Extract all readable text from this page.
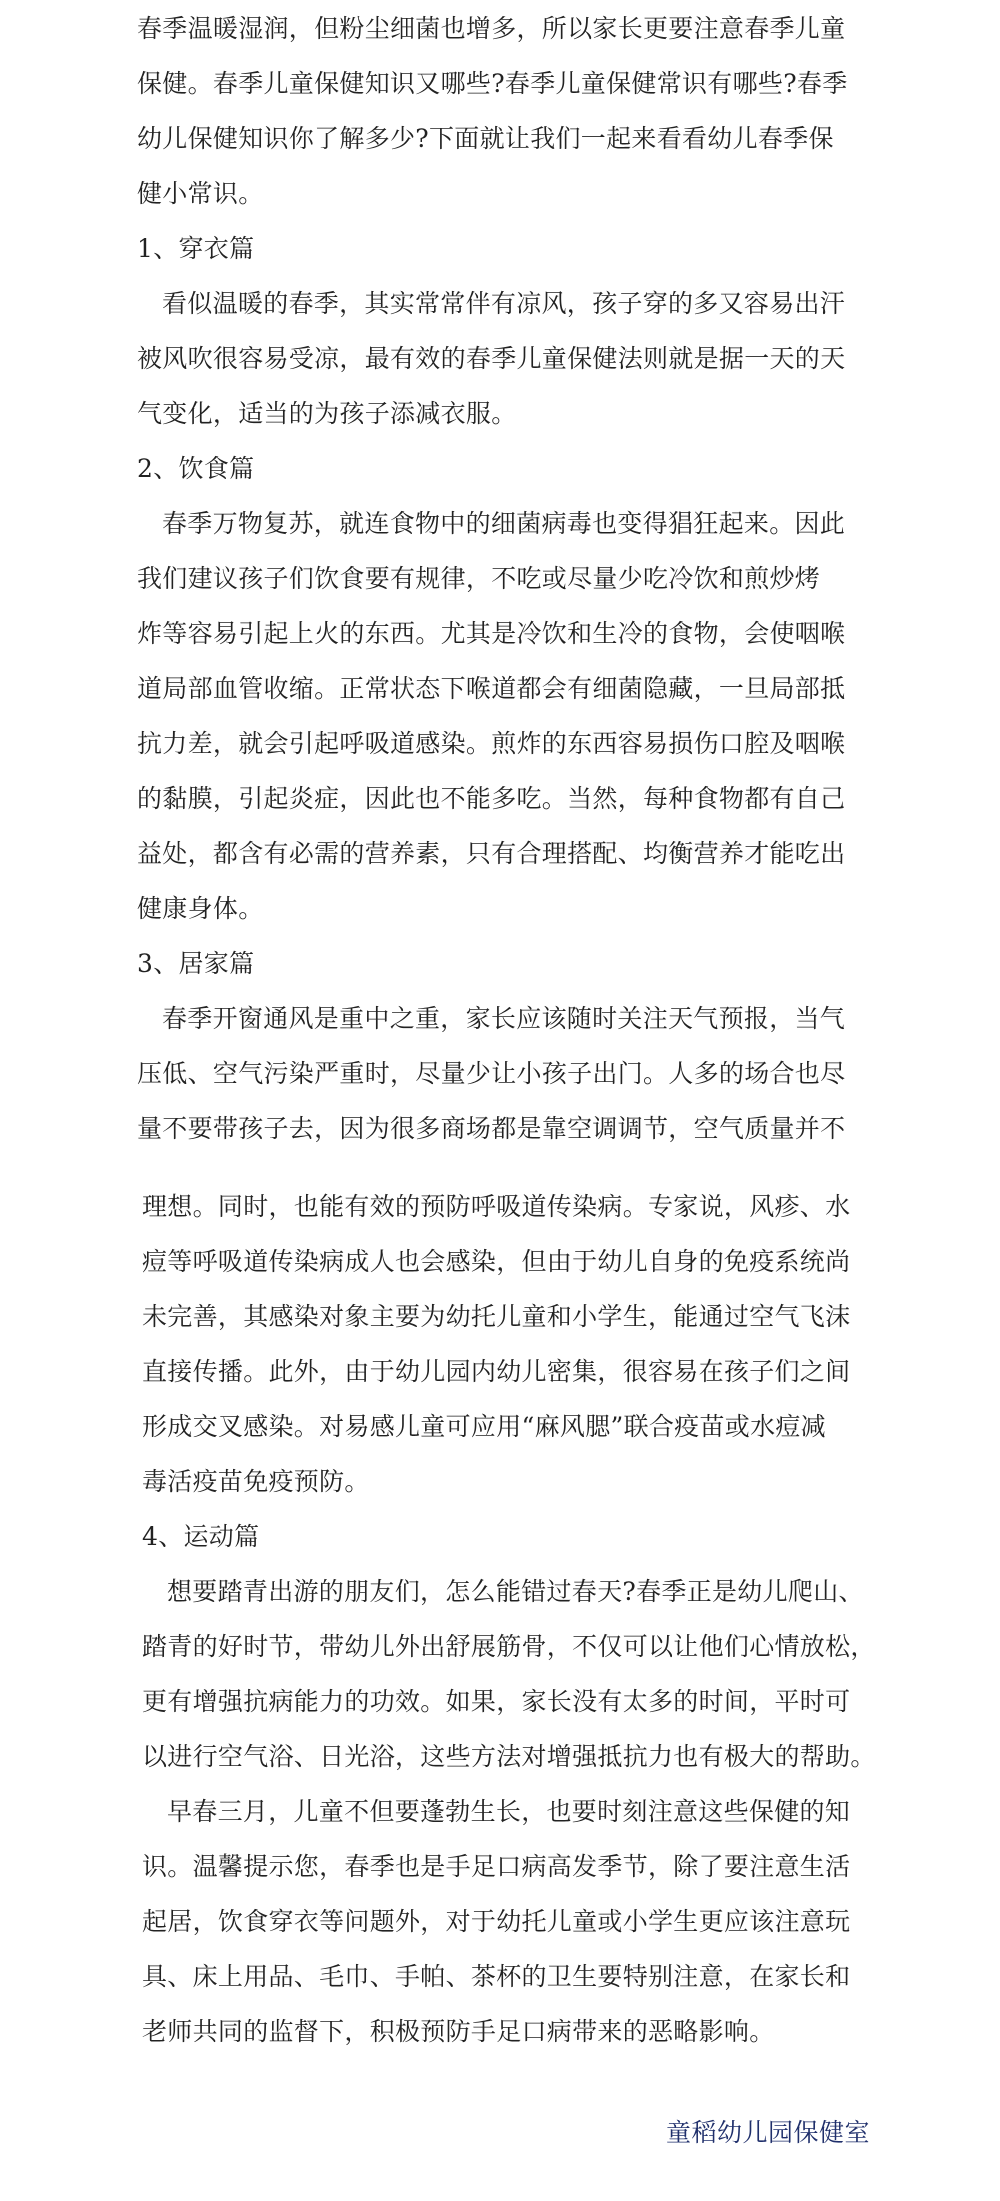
春季温暖湿润，但粉尘细菌也增多，所以家长更要注意春季儿童
保健。春季儿童保健知识又哪些?春季儿童保健常识有哪些?春季
幼儿保健知识你了解多少?下面就让我们一起来看看幼儿春季保
健小常识。
1、穿衣篇
看似温暖的春季，其实常常伴有凉风，孩子穿的多又容易出汗
被风吹很容易受凉，最有效的春季儿童保健法则就是据一天的天
气变化，适当的为孩子添减衣服。
2、饮食篇
春季万物复苏，就连食物中的细菌病毒也变得猖狂起来。因此
我们建议孩子们饮食要有规律，不吃或尽量少吃冷饮和煎炒烤
炸等容易引起上火的东西。尤其是冷饮和生冷的食物，会使咽喉
道局部血管收缩。正常状态下喉道都会有细菌隐藏，一旦局部抵
抗力差，就会引起呼吸道感染。煎炸的东西容易损伤口腔及咽喉
的黏膜，引起炎症，因此也不能多吃。当然，每种食物都有自己
益处，都含有必需的营养素，只有合理搭配、均衡营养才能吃出
健康身体。
3、居家篇
春季开窗通风是重中之重，家长应该随时关注天气预报，当气
压低、空气污染严重时，尽量少让小孩子出门。人多的场合也尽
量不要带孩子去，因为很多商场都是靠空调调节，空气质量并不
理想。同时，也能有效的预防呼吸道传染病。专家说，风疹、水
痘等呼吸道传染病成人也会感染，但由于幼儿自身的免疫系统尚
未完善，其感染对象主要为幼托儿童和小学生，能通过空气飞沫
直接传播。此外，由于幼儿园内幼儿密集，很容易在孩子们之间
形成交叉感染。对易感儿童可应用“麻风腮”联合疫苗或水痘减
毒活疫苗免疫预防。
4、运动篇
想要踏青出游的朋友们，怎么能错过春天?春季正是幼儿爬山、
踏青的好时节，带幼儿外出舒展筋骨，不仅可以让他们心情放松，
更有增强抗病能力的功效。如果，家长没有太多的时间，平时可
以进行空气浴、日光浴，这些方法对增强抵抗力也有极大的帮助。
早春三月，儿童不但要蓬勃生长，也要时刻注意这些保健的知
识。温馨提示您，春季也是手足口病高发季节，除了要注意生活
起居，饮食穿衣等问题外，对于幼托儿童或小学生更应该注意玩
具、床上用品、毛巾、手帕、茶杯的卫生要特别注意，在家长和
老师共同的监督下，积极预防手足口病带来的恶略影响。
童稻幼儿园保健室
